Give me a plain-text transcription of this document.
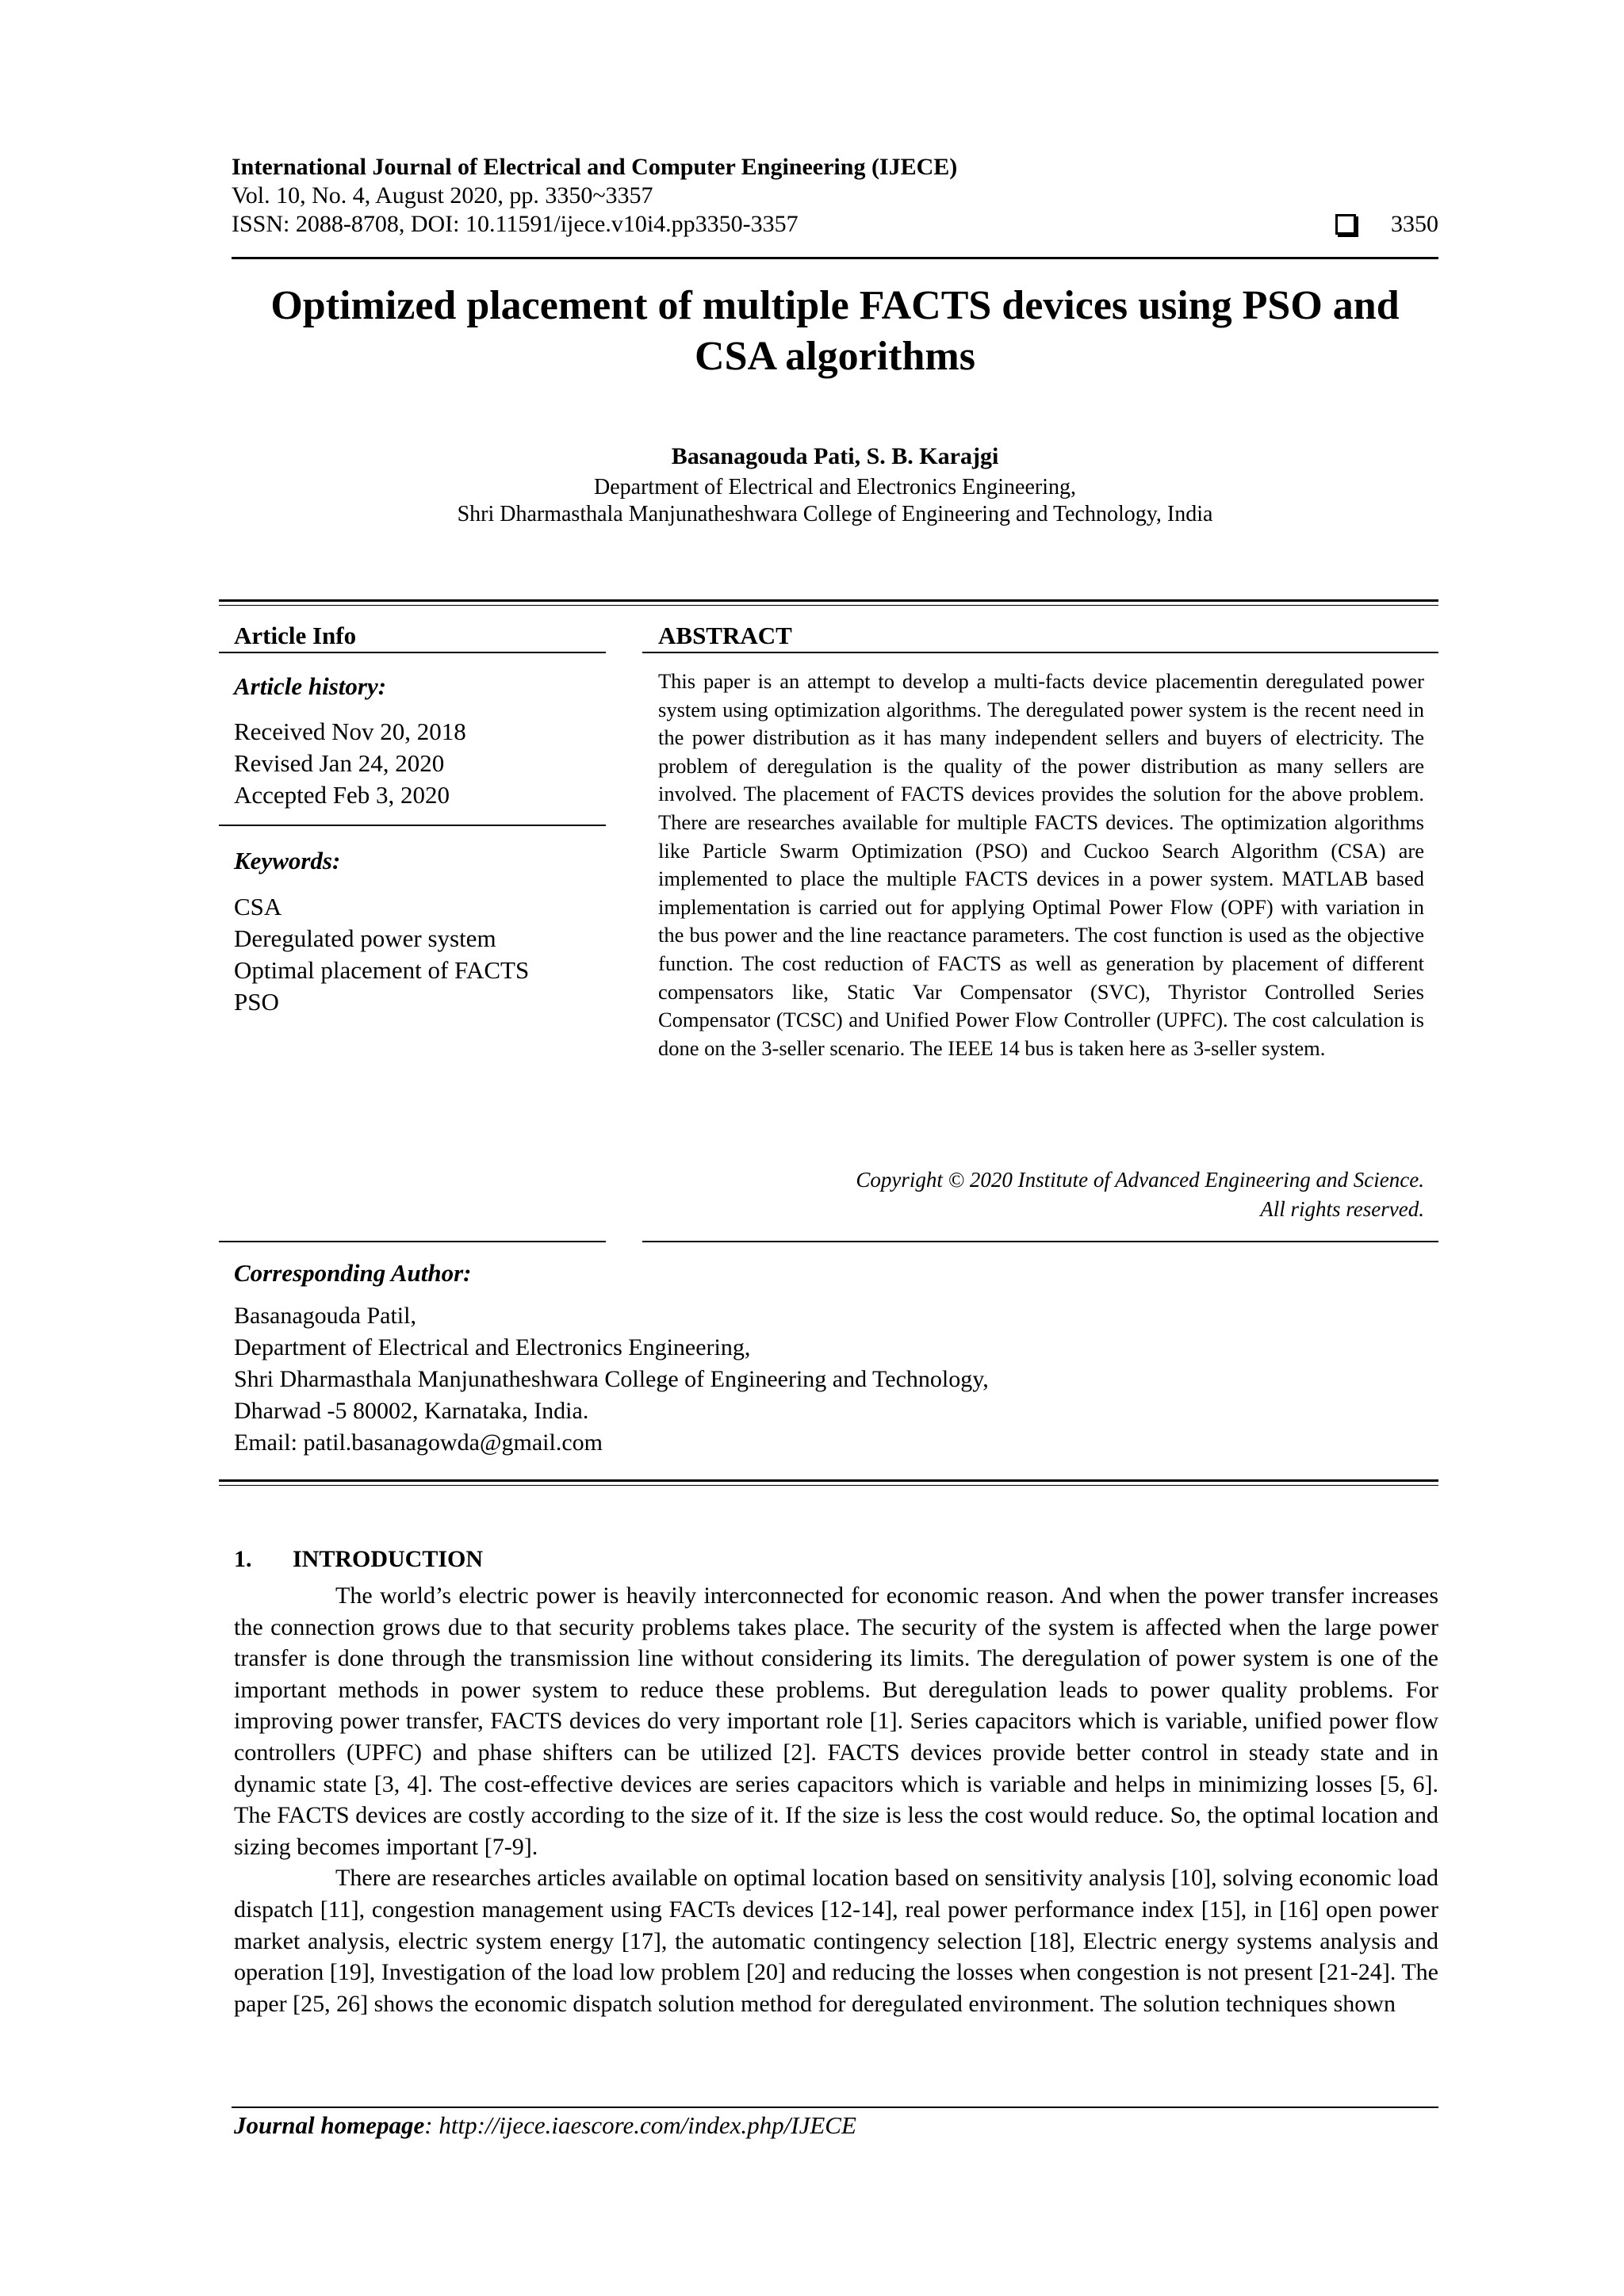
International Journal of Electrical and Computer Engineering (IJECE)
Vol. 10, No. 4, August 2020, pp. 3350~3357
ISSN: 2088-8708, DOI: 10.11591/ijece.v10i4.pp3350-3357	3350
Optimized placement of multiple FACTS devices using PSO and
CSA algorithms
Basanagouda Pati, S. B. Karajgi
Department of Electrical and Electronics Engineering,
Shri Dharmasthala Manjunatheshwara College of Engineering and Technology, India
Article Info	ABSTRACT
Article history:
Received Nov 20, 2018
Revised Jan 24, 2020
Accepted Feb 3, 2020
Keywords:
CSA
Deregulated power system
Optimal placement of FACTS
PSO
This paper is an attempt to develop a multi-facts device placementin deregulated power system using optimization algorithms. The deregulated power system is the recent need in the power distribution as it has many independent sellers and buyers of electricity. The problem of deregulation is the quality of the power distribution as many sellers are involved. The placement of FACTS devices provides the solution for the above problem. There are researches available for multiple FACTS devices. The optimization algorithms like Particle Swarm Optimization (PSO) and Cuckoo Search Algorithm (CSA) are implemented to place the multiple FACTS devices in a power system. MATLAB based implementation is carried out for applying Optimal Power Flow (OPF) with variation in the bus power and the line reactance parameters. The cost function is used as the objective function. The cost reduction of FACTS as well as generation by placement of different compensators like, Static Var Compensator (SVC), Thyristor Controlled Series Compensator (TCSC) and Unified Power Flow Controller (UPFC). The cost calculation is done on the 3-seller scenario. The IEEE 14 bus is taken here as 3-seller system.
Copyright © 2020 Institute of Advanced Engineering and Science.
All rights reserved.
Corresponding Author:
Basanagouda Patil,
Department of Electrical and Electronics Engineering,
Shri Dharmasthala Manjunatheshwara College of Engineering and Technology,
Dharwad -5 80002, Karnataka, India.
Email: patil.basanagowda@gmail.com
1. INTRODUCTION

The world’s electric power is heavily interconnected for economic reason. And when the power transfer increases the connection grows due to that security problems takes place. The security of the system is affected when the large power transfer is done through the transmission line without considering its limits. The deregulation of power system is one of the important methods in power system to reduce these problems. But deregulation leads to power quality problems. For improving power transfer, FACTS devices do very important role [1]. Series capacitors which is variable, unified power flow controllers (UPFC) and phase shifters can be utilized [2]. FACTS devices provide better control in steady state and in dynamic state [3, 4]. The cost-effective devices are series capacitors which is variable and helps in minimizing losses [5, 6]. The FACTS devices are costly according to the size of it. If the size is less the cost would reduce. So, the optimal location and sizing becomes important [7-9].

There are researches articles available on optimal location based on sensitivity analysis [10], solving economic load dispatch [11], congestion management using FACTs devices [12-14], real power performance index [15], in [16] open power market analysis, electric system energy [17], the automatic contingency selection [18], Electric energy systems analysis and operation [19], Investigation of the load low problem [20] and reducing the losses when congestion is not present [21-24]. The paper [25, 26] shows the economic dispatch solution method for deregulated environment. The solution techniques shown

Journal homepage: http://ijece.iaescore.com/index.php/IJECE
